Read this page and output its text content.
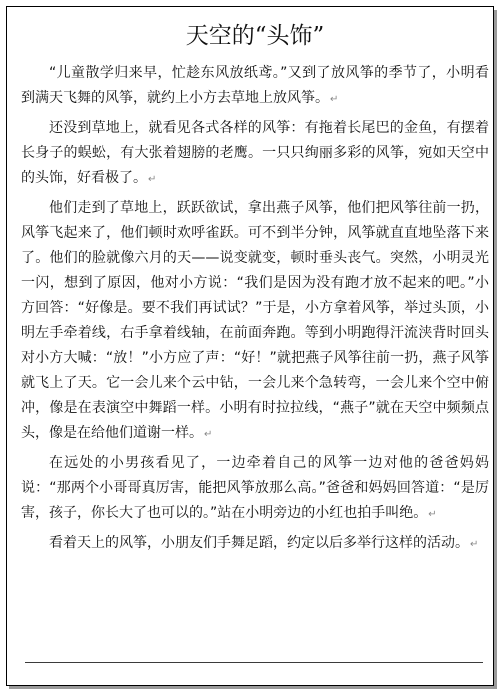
天空的“头饰”

“儿童散学归来早，忙趁东风放纸鸢。”又到了放风筝的季节了，小明看到满天飞舞的风筝，就约上小方去草地上放风筝。↵

还没到草地上，就看见各式各样的风筝：有拖着长尾巴的金鱼，有摆着长身子的蜈蚣，有大张着翅膀的老鹰。一只只绚丽多彩的风筝，宛如天空中的头饰，好看极了。↵

他们走到了草地上，跃跃欲试，拿出燕子风筝，他们把风筝往前一扔，风筝飞起来了，他们顿时欢呼雀跃。可不到半分钟，风筝就直直地坠落下来了。他们的脸就像六月的天——说变就变，顿时垂头丧气。突然，小明灵光一闪，想到了原因，他对小方说：“我们是因为没有跑才放不起来的吧。”小方回答：“好像是。要不我们再试试？”于是，小方拿着风筝，举过头顶，小明左手牵着线，右手拿着线轴，在前面奔跑。等到小明跑得汗流浃背时回头对小方大喊：“放！”小方应了声：“好！”就把燕子风筝往前一扔，燕子风筝就飞上了天。它一会儿来个云中钻，一会儿来个急转弯，一会儿来个空中俯冲，像是在表演空中舞蹈一样。小明有时拉拉线，“燕子”就在天空中频频点头，像是在给他们道谢一样。↵

在远处的小男孩看见了，一边牵着自己的风筝一边对他的爸爸妈妈说：“那两个小哥哥真厉害，能把风筝放那么高。”爸爸和妈妈回答道：“是厉害，孩子，你长大了也可以的。”站在小明旁边的小红也拍手叫绝。↵

看着天上的风筝，小朋友们手舞足蹈，约定以后多举行这样的活动。↵
